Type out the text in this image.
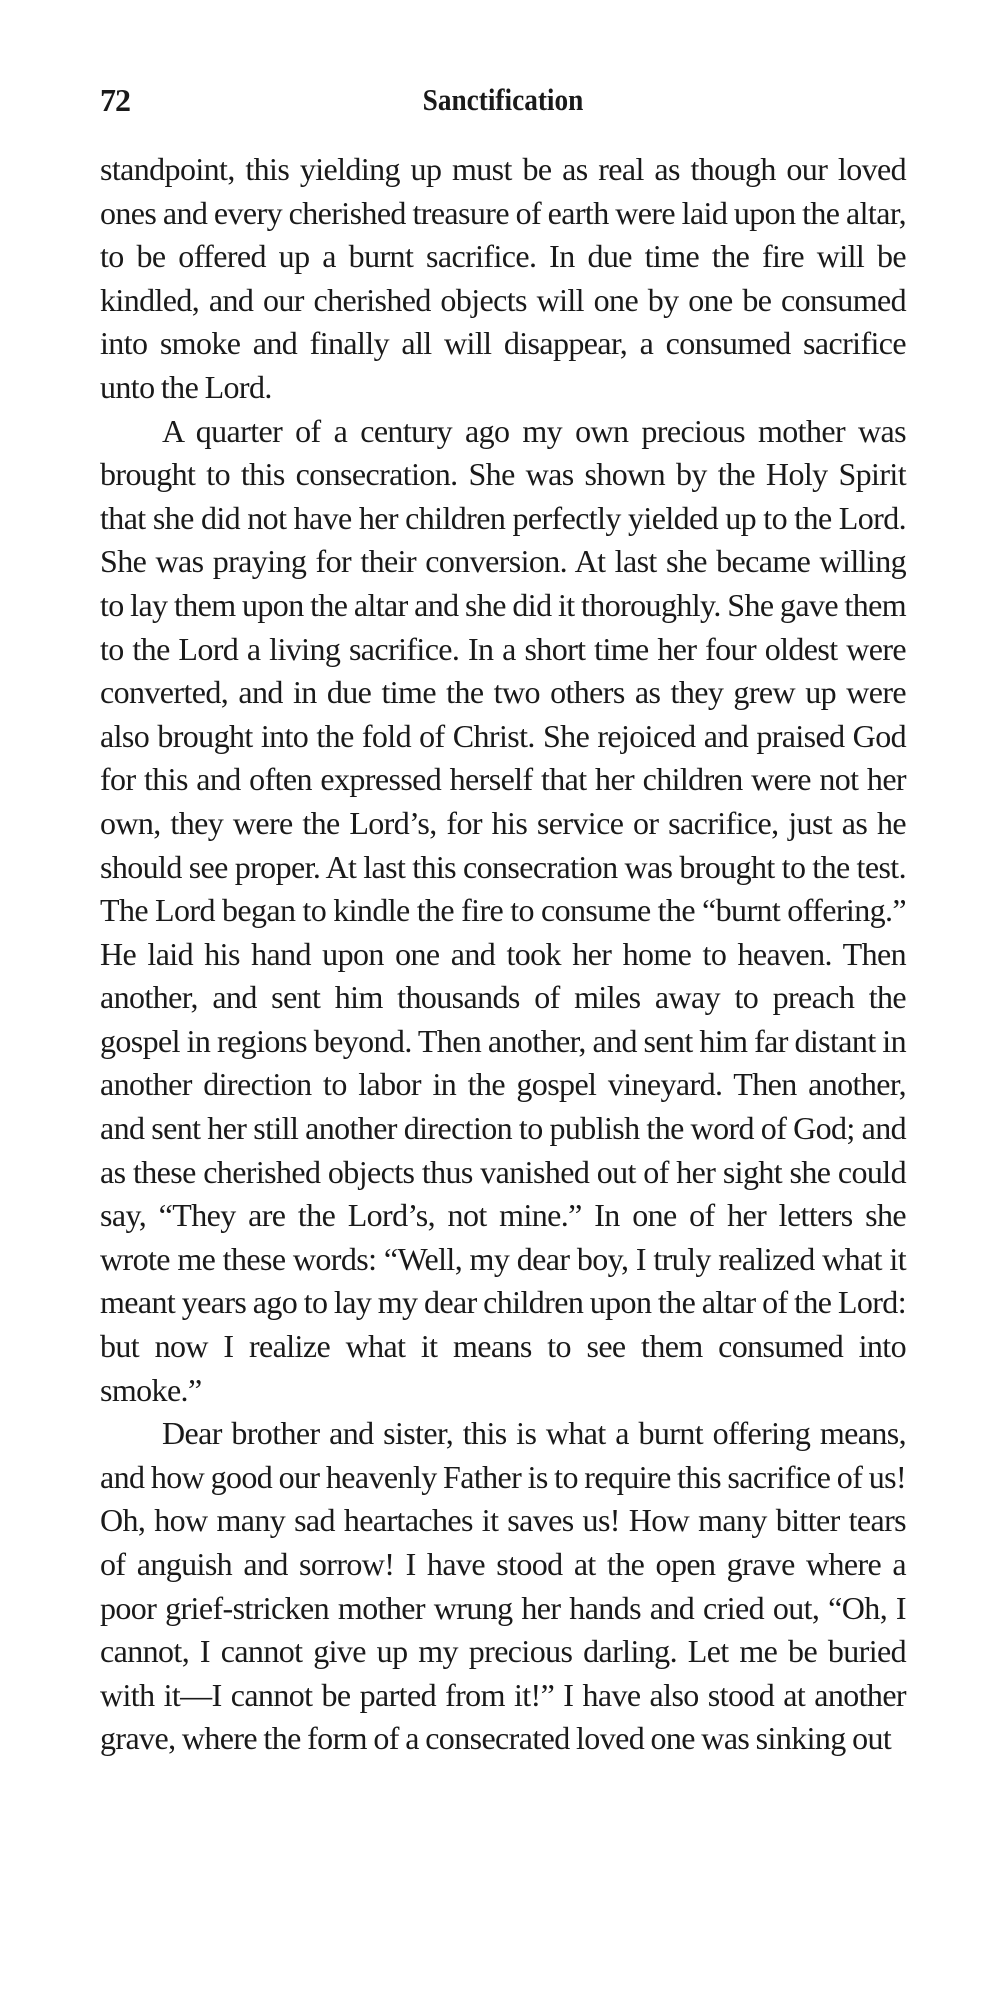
72	Sanctification

standpoint, this yielding up must be as real as though our loved ones and every cherished treasure of earth were laid upon the altar, to be offered up a burnt sacrifice. In due time the fire will be kindled, and our cherished objects will one by one be consumed into smoke and finally all will disappear, a consumed sacrifice unto the Lord.

A quarter of a century ago my own precious mother was brought to this consecration. She was shown by the Holy Spirit that she did not have her children perfectly yielded up to the Lord. She was praying for their conversion. At last she became willing to lay them upon the altar and she did it thoroughly. She gave them to the Lord a living sacrifice. In a short time her four oldest were converted, and in due time the two others as they grew up were also brought into the fold of Christ. She rejoiced and praised God for this and often expressed herself that her children were not her own, they were the Lord’s, for his service or sacrifice, just as he should see proper. At last this consecration was brought to the test. The Lord began to kindle the fire to consume the “burnt offering.” He laid his hand upon one and took her home to heaven. Then another, and sent him thousands of miles away to preach the gospel in regions beyond. Then another, and sent him far distant in another direction to labor in the gospel vineyard. Then another, and sent her still another direction to publish the word of God; and as these cherished objects thus vanished out of her sight she could say, “They are the Lord’s, not mine.” In one of her letters she wrote me these words: “Well, my dear boy, I truly realized what it meant years ago to lay my dear children upon the altar of the Lord: but now I realize what it means to see them consumed into smoke.”

Dear brother and sister, this is what a burnt offering means, and how good our heavenly Father is to require this sacrifice of us! Oh, how many sad heartaches it saves us! How many bitter tears of anguish and sorrow! I have stood at the open grave where a poor grief-stricken mother wrung her hands and cried out, “Oh, I cannot, I cannot give up my precious darling. Let me be buried with it—I cannot be parted from it!” I have also stood at another grave, where the form of a consecrated loved one was sinking out
